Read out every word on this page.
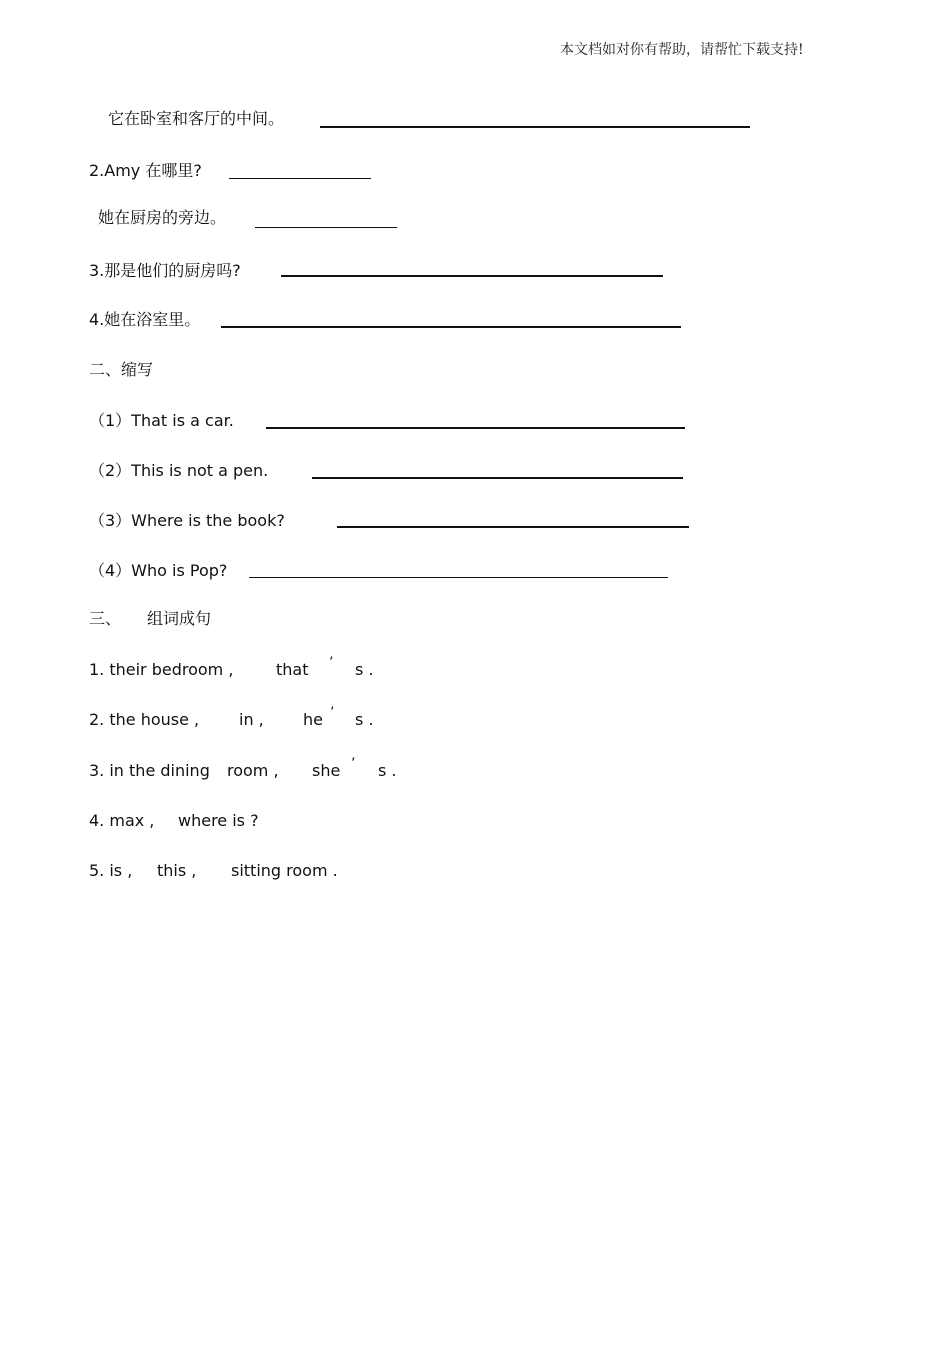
本文档如对你有帮助，请帮忙下载支持!
它在卧室和客厅的中间。
2.Amy 在哪里?
她在厨房的旁边。
3.那是他们的厨房吗?
4.她在浴室里。
二、缩写
（1）That is a car.
（2）This is not a pen.
（3）Where is the book?
（4）Who is Pop?
三、 组词成句
1. their bedroom ,	that ’ s .
2. the house , in , he ’ s .
3. in the dining room , she ’ s .
4. max , where is ?
5. is , this , sitting room .
